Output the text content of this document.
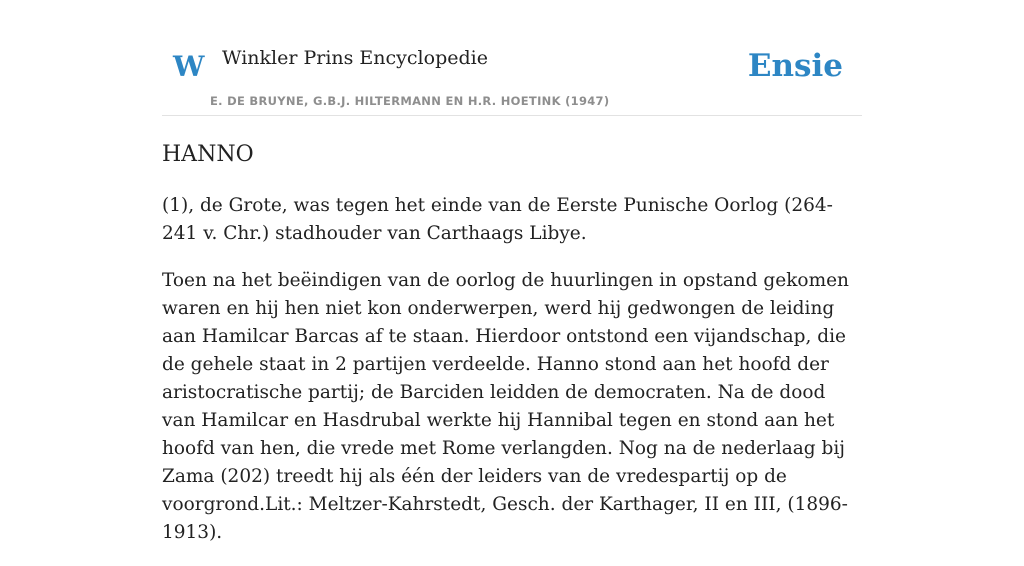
W Winkler Prins Encyclopedie
E. DE BRUYNE, G.B.J. HILTERMANN EN H.R. HOETINK (1947)
Ensie
HANNO

(1), de Grote, was tegen het einde van de Eerste Punische Oorlog (264-241 v. Chr.) stadhouder van Carthaags Libye.

Toen na het beëindigen van de oorlog de huurlingen in opstand gekomen waren en hij hen niet kon onderwerpen, werd hij gedwongen de leiding aan Hamilcar Barcas af te staan. Hierdoor ontstond een vijandschap, die de gehele staat in 2 partijen verdeelde. Hanno stond aan het hoofd der aristocratische partij; de Barciden leidden de democraten. Na de dood van Hamilcar en Hasdrubal werkte hij Hannibal tegen en stond aan het hoofd van hen, die vrede met Rome verlangden. Nog na de nederlaag bij Zama (202) treedt hij als één der leiders van de vredespartij op de voorgrond.Lit.: Meltzer-Kahrstedt, Gesch. der Karthager, II en III, (1896-1913).
